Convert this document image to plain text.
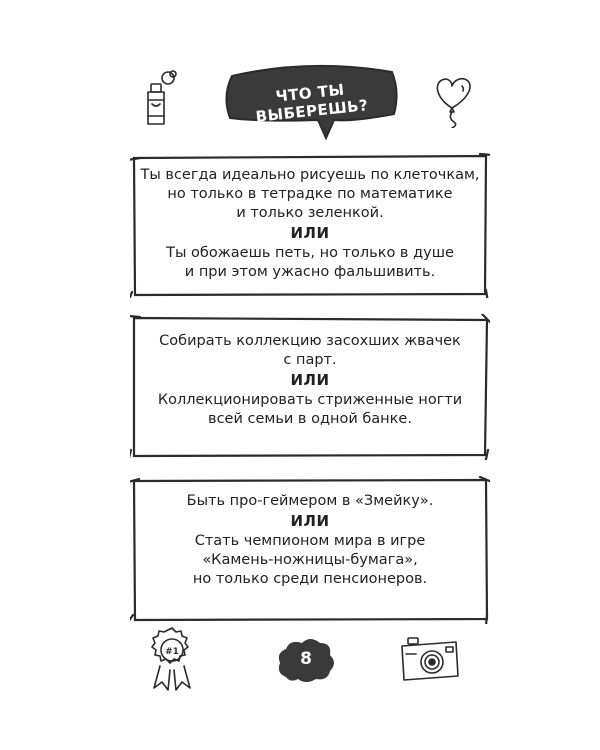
ЧТО ТЫ ВЫБЕРЕШЬ?
Ты всегда идеально рисуешь по клеточкам,
но только в тетрадке по математике
и только зеленкой.
ИЛИ
Ты обожаешь петь, но только в душе
и при этом ужасно фальшивить.
Собирать коллекцию засохших жвачек
с парт.
ИЛИ
Коллекционировать стриженные ногти
всей семьи в одной банке.
Быть про-геймером в «Змейку».
ИЛИ
Стать чемпионом мира в игре
«Камень-ножницы-бумага»,
но только среди пенсионеров.
#1	8
